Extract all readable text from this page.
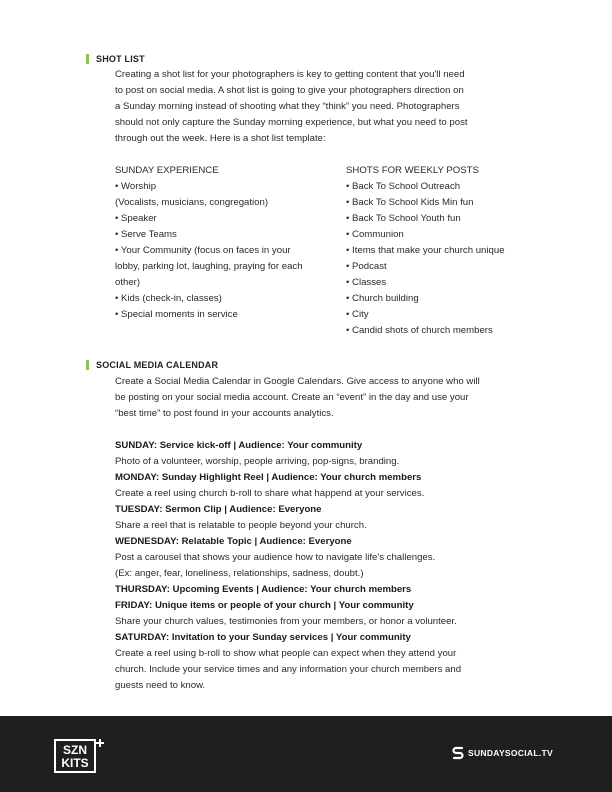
SHOT LIST
Creating a shot list for your photographers is key to getting content that you'll need
to post on social media. A shot list is going to give your photographers direction on
a Sunday morning instead of shooting what they “think” you need. Photographers
should not only capture the Sunday morning experience, but what you need to post
through out the week. Here is a shot list template:
SUNDAY EXPERIENCE
• Worship
(Vocalists, musicians, congregation)
• Speaker
• Serve Teams
• Your Community (focus on faces in your
lobby, parking lot, laughing, praying for each
other)
• Kids (check-in, classes)
• Special moments in service
SHOTS FOR WEEKLY POSTS
• Back To School Outreach
• Back To School Kids Min fun
• Back To School Youth fun
• Communion
• Items that make your church unique
• Podcast
• Classes
• Church building
• City
• Candid shots of church members
SOCIAL MEDIA CALENDAR
Create a Social Media Calendar in Google Calendars. Give access to anyone who will
be posting on your social media account. Create an “event” in the day and use your
“best time” to post found in your accounts analytics.
SUNDAY: Service kick-off | Audience: Your community
Photo of a volunteer, worship, people arriving, pop-signs, branding.
MONDAY: Sunday Highlight Reel | Audience: Your church members
Create a reel using church b-roll to share what happend at your services.
TUESDAY: Sermon Clip | Audience: Everyone
Share a reel that is relatable to people beyond your church.
WEDNESDAY: Relatable Topic | Audience: Everyone
Post a carousel that shows your audience how to navigate life's challenges.
(Ex: anger, fear, loneliness, relationships, sadness, doubt.)
THURSDAY: Upcoming Events | Audience: Your church members
FRIDAY: Unique items or people of your church | Your community
Share your church values, testimonies from your members, or honor a volunteer.
SATURDAY: Invitation to your Sunday services | Your community
Create a reel using b-roll to show what people can expect when they attend your
church. Include your service times and any information your church members and
guests need to know.
SZN
KITS
SUNDAYSOCIAL.TV
